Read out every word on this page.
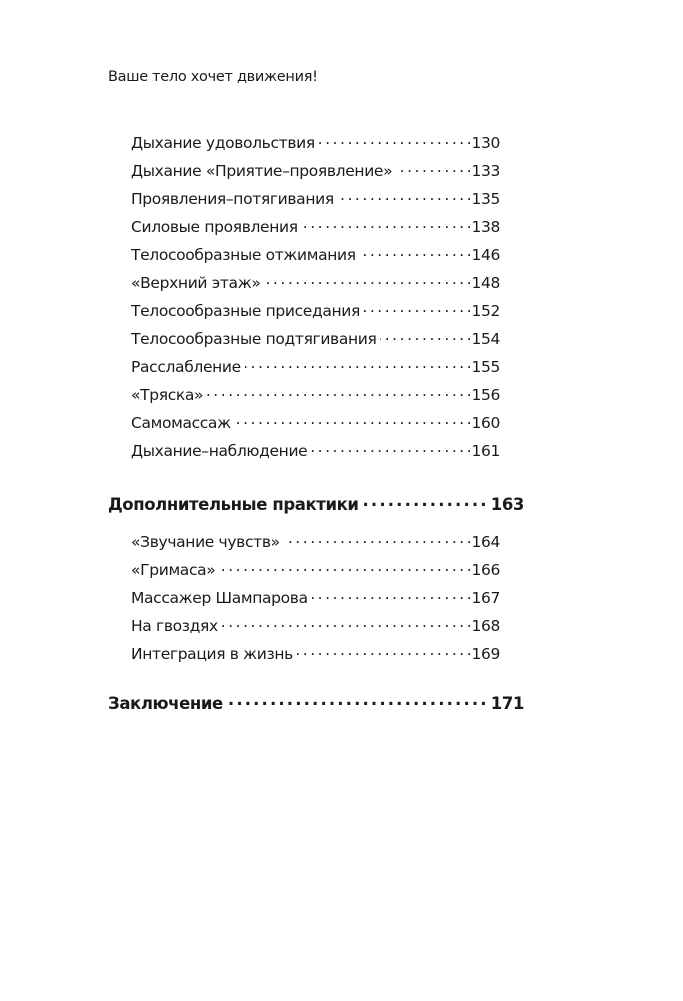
Ваше тело хочет движения!
Дыхание удовольствия . . .	130
Дыхание «Приятие–проявление» . . .	133
Проявления–потягивания . . .	135
Силовые проявления . . .	138
Телосообразные отжимания . . .	146
«Верхний этаж» . . .	148
Телосообразные приседания . . .	152
Телосообразные подтягивания . . .	154
Расслабление . . .	155
«Тряска» . . .	156
Самомассаж . . .	160
Дыхание–наблюдение . . .	161
Дополнительные практики . . .	163
«Звучание чувств» . . .	164
«Гримаса» . . .	166
Массажер Шампарова . . .	167
На гвоздях . . .	168
Интеграция в жизнь . . .	169
Заключение . . .	171
